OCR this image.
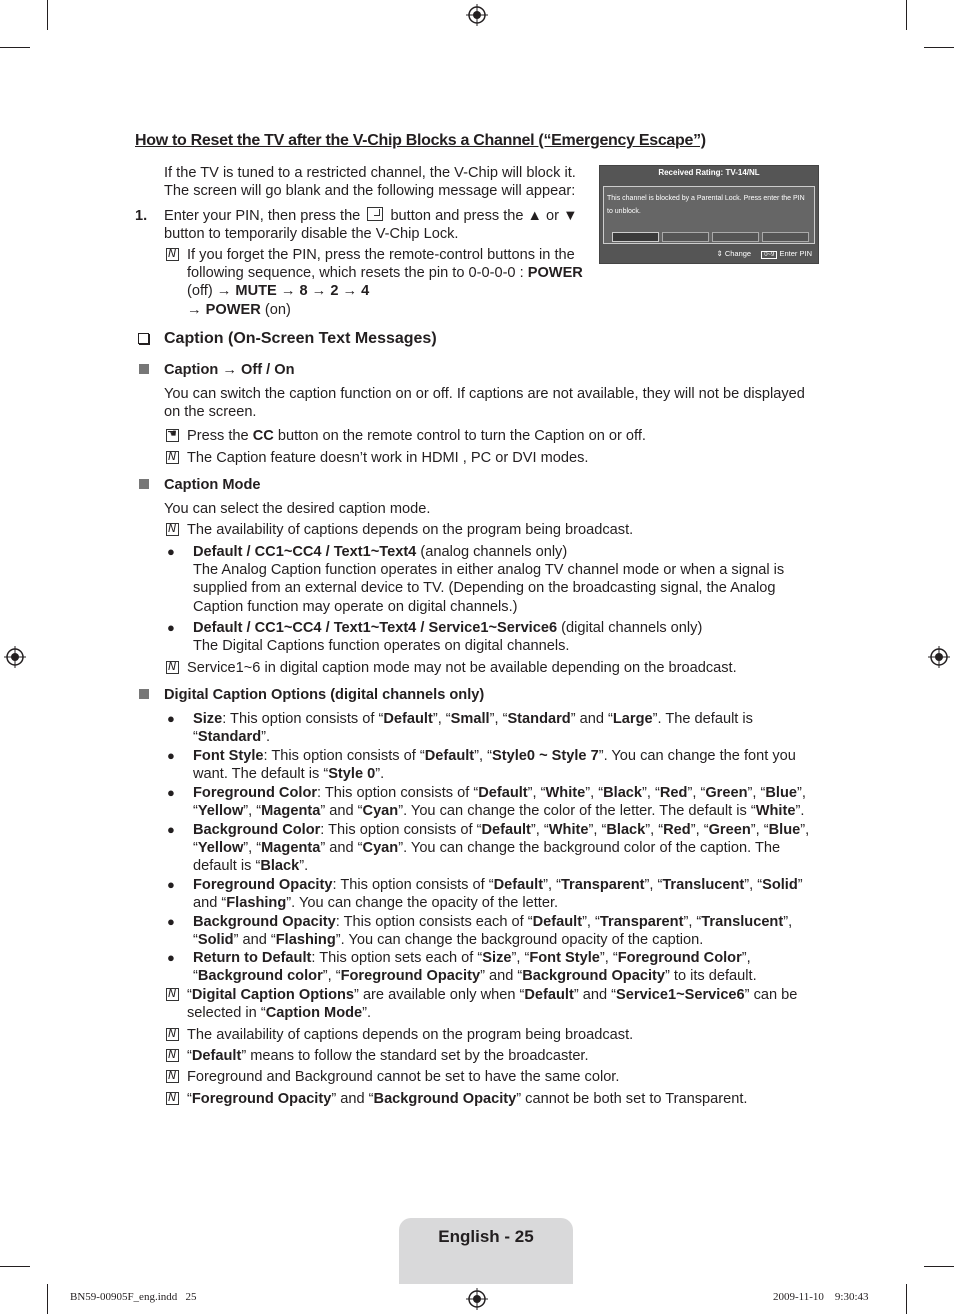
How to Reset the TV after the V-Chip Blocks a Channel (“Emergency Escape”)
If the TV is tuned to a restricted channel, the V-Chip will block it. The screen will go blank and the following message will appear:
1. Enter your PIN, then press the button and press the ▲ or ▼
button to temporarily disable the V-Chip Lock.
N
If you forget the PIN, press the remote-control buttons in the following sequence, which resets the pin to 0-0-0-0 : POWER
(off) → MUTE → 8 → 2 → 4
→ POWER (on)
Received Rating: TV-14/NL
This channel is blocked by a Parental Lock. Press enter the PIN to unblock.
⇕ Change 0~9 Enter PIN
Caption (On-Screen Text Messages)
Caption → Off / On
You can switch the caption function on or off. If captions are not available, they will not be displayed on the screen.
☚
Press the CC button on the remote control to turn the Caption on or off.
N
The Caption feature doesn’t work in HDMI , PC or DVI modes.
Caption Mode
You can select the desired caption mode.
N
The availability of captions depends on the program being broadcast.
● Default / CC1~CC4 / Text1~Text4 (analog channels only)
The Analog Caption function operates in either analog TV channel mode or when a signal is supplied from an external device to TV. (Depending on the broadcasting signal, the Analog Caption function may operate on digital channels.)
● Default / CC1~CC4 / Text1~Text4 / Service1~Service6 (digital channels only)
The Digital Captions function operates on digital channels.
N
Service1~6 in digital caption mode may not be available depending on the broadcast.
Digital Caption Options (digital channels only)
● Size: This option consists of “Default”, “Small”, “Standard” and “Large”. The default is “Standard”.
● Font Style: This option consists of “Default”, “Style0 ~ Style 7”. You can change the font you want. The default is “Style 0”.
● Foreground Color: This option consists of “Default”, “White”, “Black”, “Red”, “Green”, “Blue”, “Yellow”, “Magenta” and “Cyan”. You can change the color of the letter. The default is “White”.
● Background Color: This option consists of “Default”, “White”, “Black”, “Red”, “Green”, “Blue”, “Yellow”, “Magenta” and “Cyan”. You can change the background color of the caption. The default is “Black”.
● Foreground Opacity: This option consists of “Default”, “Transparent”, “Translucent”, “Solid” and “Flashing”. You can change the opacity of the letter.
● Background Opacity: This option consists each of “Default”, “Transparent”, “Translucent”, “Solid” and “Flashing”. You can change the background opacity of the caption.
● Return to Default: This option sets each of “Size”, “Font Style”, “Foreground Color”, “Background color”, “Foreground Opacity” and “Background Opacity” to its default.
N
“Digital Caption Options” are available only when “Default” and “Service1~Service6” can be selected in “Caption Mode”.
N
The availability of captions depends on the program being broadcast.
N
“Default” means to follow the standard set by the broadcaster.
N
Foreground and Background cannot be set to have the same color.
N
“Foreground Opacity” and “Background Opacity” cannot be both set to Transparent.
English - 25
BN59-00905F_eng.indd   25	2009-11-10    9:30:43
